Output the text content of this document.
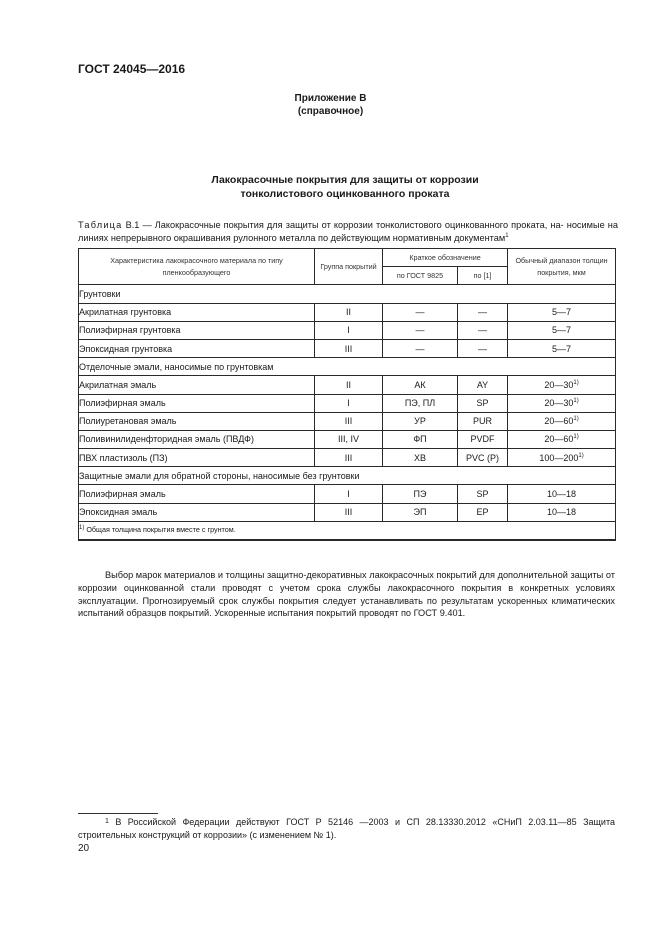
ГОСТ 24045—2016
Приложение В
(справочное)
Лакокрасочные покрытия для защиты от коррозии
тонколистового оцинкованного проката
Таблица В.1 — Лакокрасочные покрытия для защиты от коррозии тонколистового оцинкованного проката, на- носимые на линиях непрерывного окрашивания рулонного металла по действующим нормативным документам$^1$
Характеристика лакокрасочного материала по типу пленкообразующего	Группа покрытий	Краткое обозначение		Обычный диапазон толщин покрытия, мкм
		по ГОСТ 9825	по [1]	
Грунтовки				
Акрилатная грунтовка	II	—	—	5—7
Полиэфирная грунтовка	I	—	—	5—7
Эпоксидная грунтовка	III	—	—	5—7
Отделочные эмали, наносимые по грунтовкам				
Акрилатная эмаль	II	АК	AY	20—30$^{1)}$
Полиэфирная эмаль	I	ПЭ, ПЛ	SP	20—30$^{1)}$
Полиуретановая эмаль	III	УР	PUR	20—60$^{1)}$
Поливинилиденфторидная эмаль (ПВДФ)	III, IV	ФП	PVDF	20—60$^{1)}$
ПВХ пластизоль (ПЗ)	III	ХВ	PVC (P)	100—200$^{1)}$
Защитные эмали для обратной стороны, наносимые без грунтовки				
Полиэфирная эмаль	I	ПЭ	SP	10—18
Эпоксидная эмаль	III	ЭП	EP	10—18
$^{1)}$ Общая толщина покрытия вместе с грунтом.				
Выбор марок материалов и толщины защитно-декоративных лакокрасочных покрытий для дополнительной защиты от коррозии оцинкованной стали проводят с учетом срока службы лакокрасочного покрытия в конкретных условиях эксплуатации. Прогнозируемый срок службы покрытия следует устанавливать по результатам ускоренных климатических испытаний образцов покрытий. Ускоренные испытания покрытий проводят по ГОСТ 9.401.
$^1$ В Российской Федерации действуют ГОСТ Р 52146 —2003 и СП 28.13330.2012 «СНиП 2.03.11—85 Защита строительных конструкций от коррозии» (с изменением № 1).
20
